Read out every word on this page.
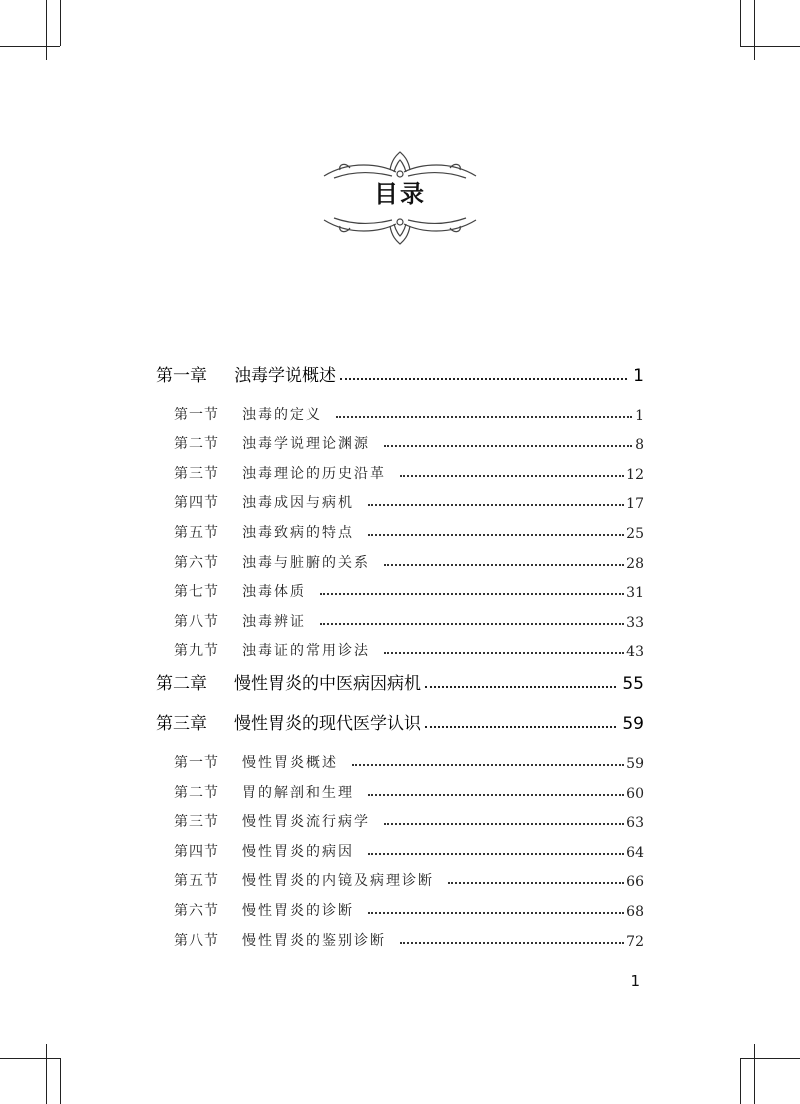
目录
第一章	浊毒学说概述	1
第一节	浊毒的定义	1
第二节	浊毒学说理论渊源	8
第三节	浊毒理论的历史沿革	12
第四节	浊毒成因与病机	17
第五节	浊毒致病的特点	25
第六节	浊毒与脏腑的关系	28
第七节	浊毒体质	31
第八节	浊毒辨证	33
第九节	浊毒证的常用诊法	43
第二章	慢性胃炎的中医病因病机	55
第三章	慢性胃炎的现代医学认识	59
第一节	慢性胃炎概述	59
第二节	胃的解剖和生理	60
第三节	慢性胃炎流行病学	63
第四节	慢性胃炎的病因	64
第五节	慢性胃炎的内镜及病理诊断	66
第六节	慢性胃炎的诊断	68
第八节	慢性胃炎的鉴别诊断	72
1
